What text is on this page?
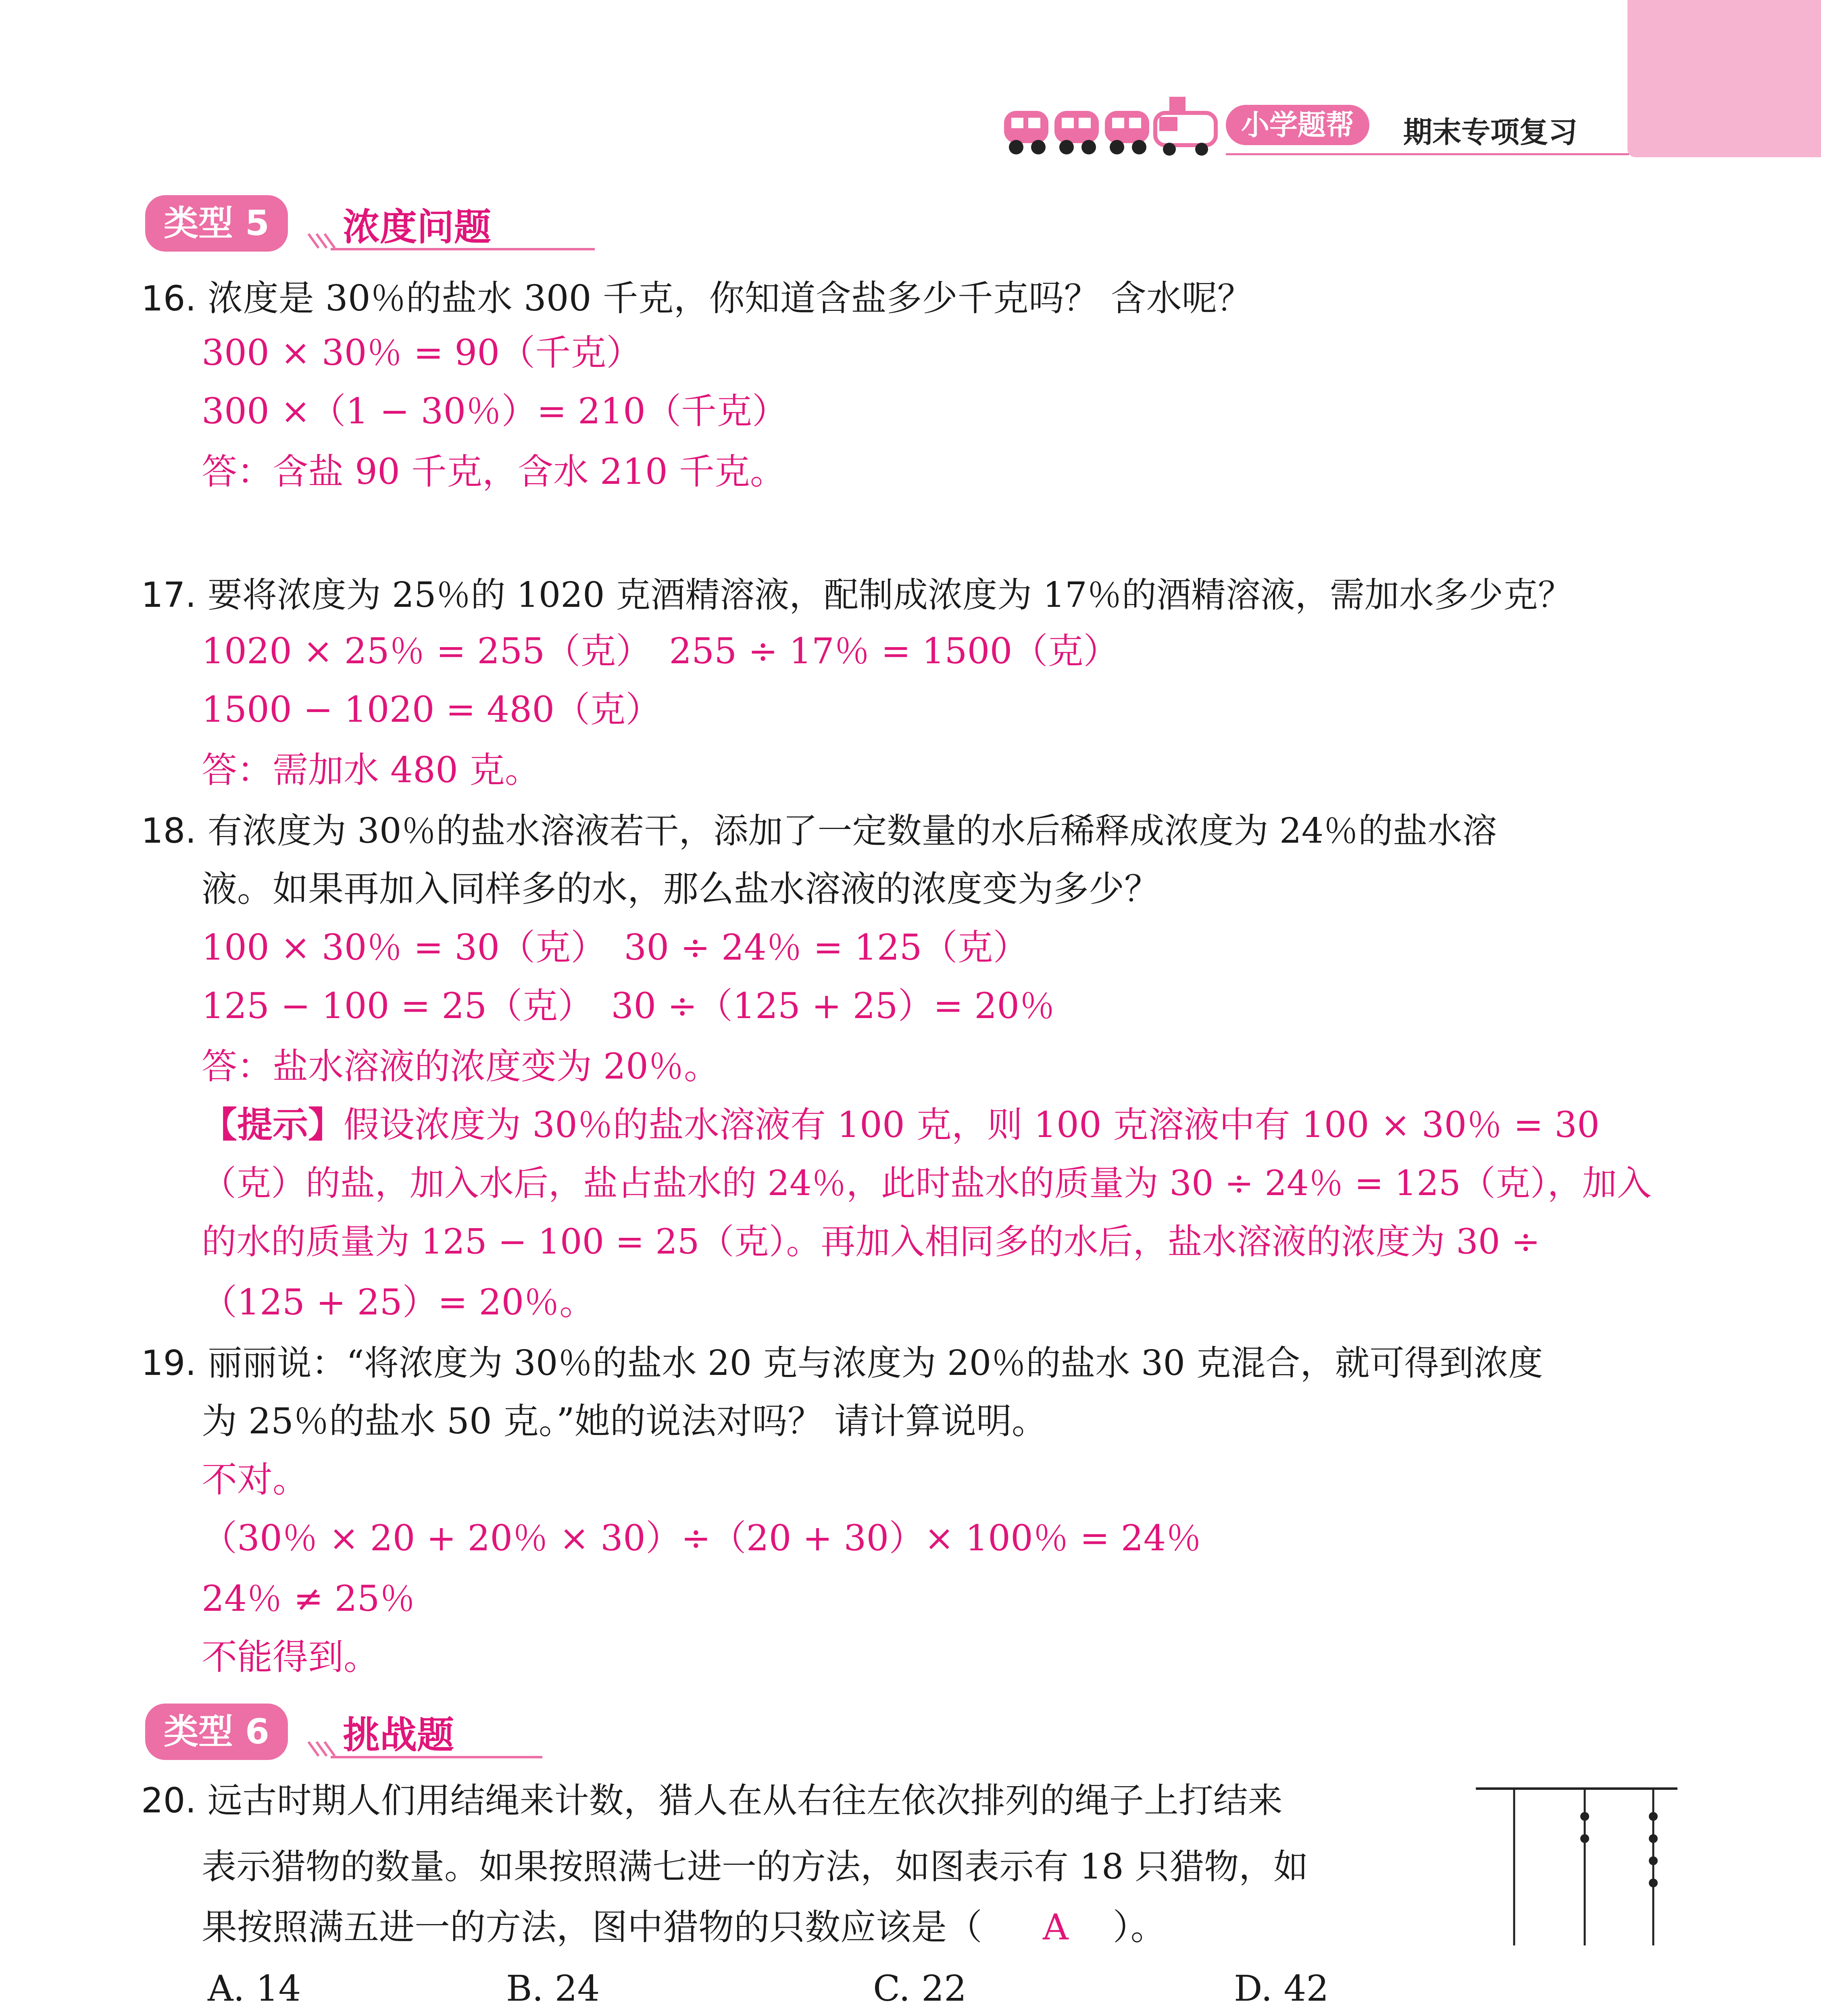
小学题帮	期末专项复习
类型 5	浓度问题
16. 浓度是 30％的盐水 300 千克，你知道含盐多少千克吗？ 含水呢？
300 × 30％ = 90（千克）
300 ×（1 − 30％）= 210（千克）
答：含盐 90 千克，含水 210 千克。
17. 要将浓度为 25％的 1020 克酒精溶液，配制成浓度为 17％的酒精溶液，需加水多少克？
1020 × 25％ = 255（克）　255 ÷ 17％ = 1500（克）
1500 − 1020 = 480（克）
答：需加水 480 克。
18. 有浓度为 30％的盐水溶液若干，添加了一定数量的水后稀释成浓度为 24％的盐水溶
液。如果再加入同样多的水，那么盐水溶液的浓度变为多少？
100 × 30％ = 30（克）　30 ÷ 24％ = 125（克）
125 − 100 = 25（克）　30 ÷（125 + 25）= 20％
答：盐水溶液的浓度变为 20％。
【提示】假设浓度为 30％的盐水溶液有 100 克，则 100 克溶液中有 100 × 30％ = 30
（克）的盐，加入水后，盐占盐水的 24％，此时盐水的质量为 30 ÷ 24％ = 125（克），加入
的水的质量为 125 − 100 = 25（克）。再加入相同多的水后，盐水溶液的浓度为 30 ÷
（125 + 25）= 20％。
19. 丽丽说：“将浓度为 30％的盐水 20 克与浓度为 20％的盐水 30 克混合，就可得到浓度
为 25％的盐水 50 克。”她的说法对吗？ 请计算说明。
不对。
（30％ × 20 + 20％ × 30）÷（20 + 30）× 100％ = 24％
24％ ≠ 25％
不能得到。
类型 6	挑战题
20. 远古时期人们用结绳来计数，猎人在从右往左依次排列的绳子上打结来
表示猎物的数量。如果按照满七进一的方法，如图表示有 18 只猎物，如
果按照满五进一的方法，图中猎物的只数应该是（ A ）。
A. 14	B. 24	C. 22	D. 42
